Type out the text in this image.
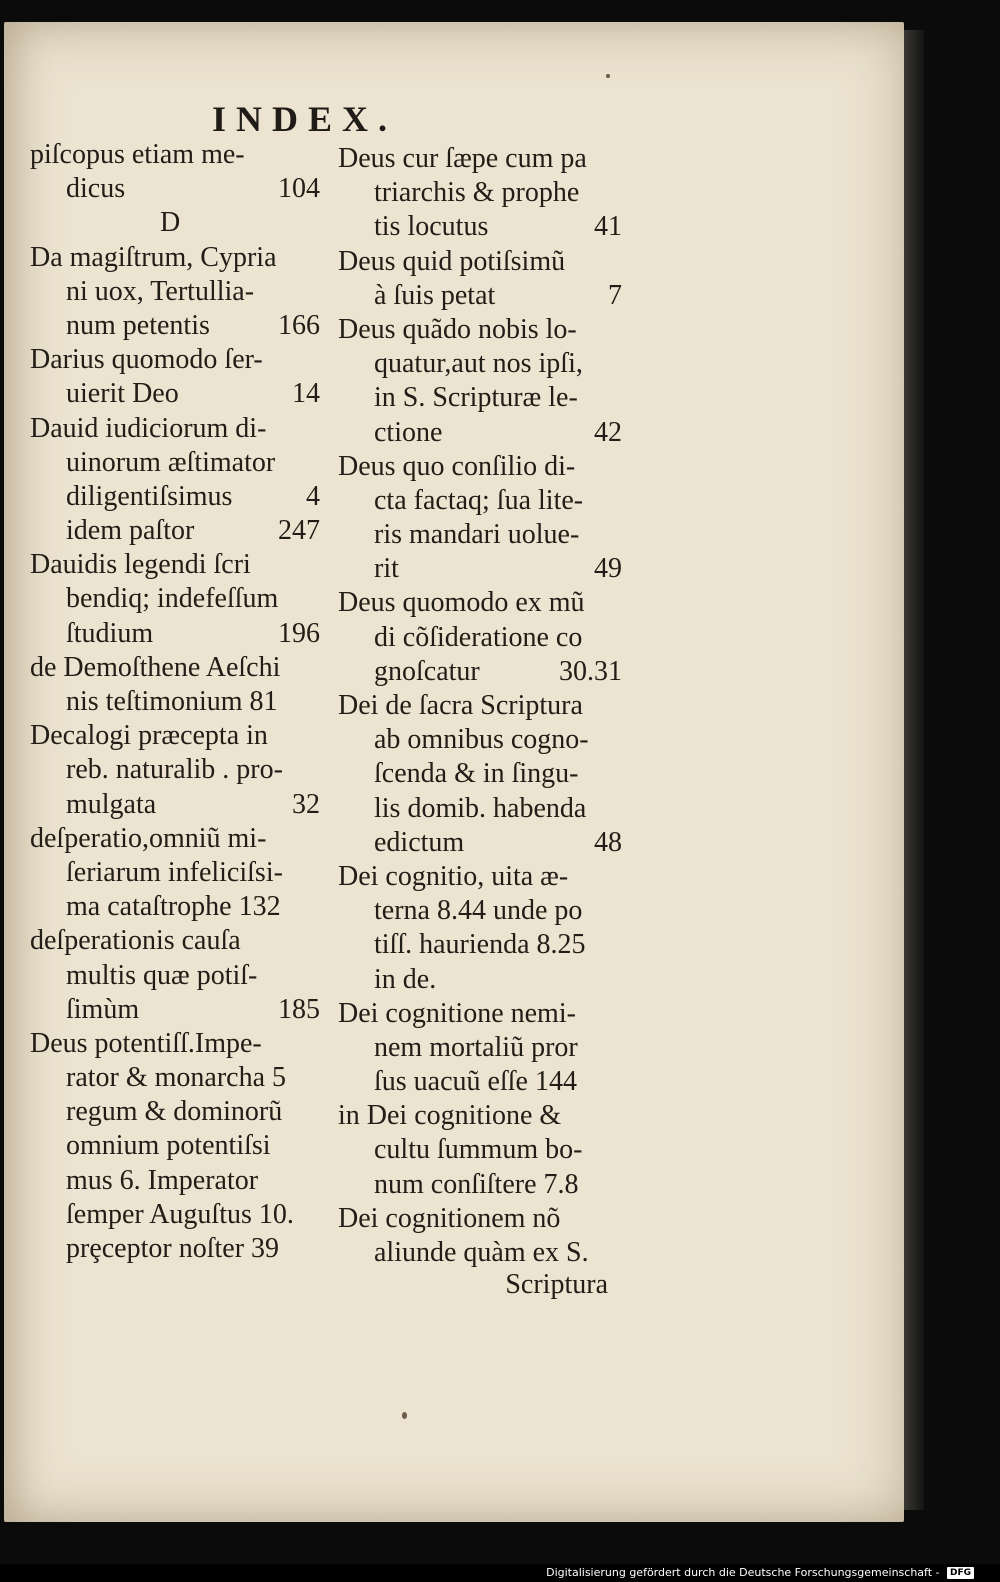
INDEX.
piſcopus etiam me-
dicus	104
D
Da magiſtrum, Cypria
ni uox, Tertullia-
num petentis 166
Darius quomodo ſer-
uierit Deo	14
Dauid iudiciorum di-
uinorum æſtimator
diligentiſsimus	4
idem paſtor	247
Dauidis legendi ſcri
bendiq; indefeſſum
ſtudium	196
de Demoſthene Aeſchi
nis teſtimonium 81
Decalogi præcepta in
reb. naturalib . pro-
mulgata	32
deſperatio,omniũ mi-
ſeriarum infeliciſsi-
ma cataſtrophe 132
deſperationis cauſa
multis quæ potiſ-
ſimùm	185
Deus potentiſſ.Impe-
rator & monarcha 5
regum & dominorũ
omnium potentiſsi
mus 6. Imperator
ſemper Auguſtus 10.
prȩceptor noſter 39
Deus cur ſæpe cum pa
triarchis & prophe
tis locutus	41
Deus quid potiſsimũ
à ſuis petat	7
Deus quãdo nobis lo-
quatur,aut nos ipſi,
in S. Scripturæ le-
ctione	42
Deus quo conſilio di-
cta factaq; ſua lite-
ris mandari uolue-
rit	49
Deus quomodo ex mũ
di cõſideratione co
gnoſcatur	30.31
Dei de ſacra Scriptura
ab omnibus cogno-
ſcenda & in ſingu-
lis domib. habenda
edictum	48
Dei cognitio, uita æ-
terna 8.44 unde po
tiſſ. haurienda 8.25
in de.
Dei cognitione nemi-
nem mortaliũ pror
ſus uacuũ eſſe 144
in Dei cognitione &
cultu ſummum bo-
num conſiſtere 7.8
Dei cognitionem nõ
aliunde quàm ex S.
Scriptura
Digitalisierung gefördert durch die Deutsche Forschungsgemeinschaft - DFG
